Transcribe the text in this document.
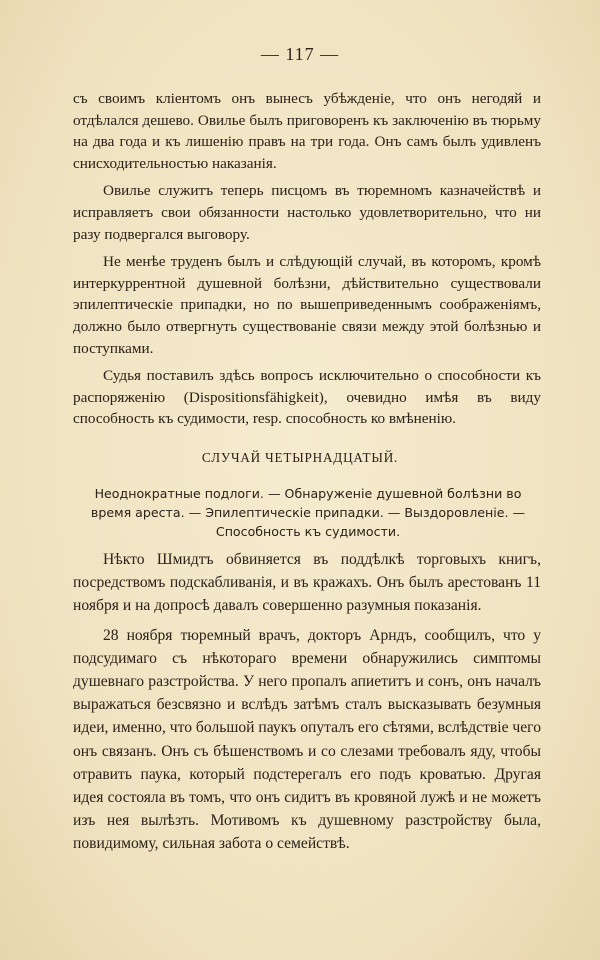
— 117 —

съ своимъ кліентомъ онъ вынесъ убѣжденіе, что онъ негодяй и отдѣлался дешево. Овилье былъ приговоренъ къ заключенію въ тюрьму на два года и къ лишенію правъ на три года. Онъ самъ былъ удивленъ снисходительностью наказанія.

Овилье служитъ теперь писцомъ въ тюремномъ казначействѣ и исправляетъ свои обязанности настолько удовлетворительно, что ни разу подвергался выговору.

Не менѣе труденъ былъ и слѣдующій случай, въ которомъ, кромѣ интеркуррентной душевной болѣзни, дѣйствительно существовали эпилептическіе припадки, но по вышеприведеннымъ соображеніямъ, должно было отвергнуть существованіе связи между этой болѣзнью и поступками.

Судья поставилъ здѣсь вопросъ исключительно о способности къ распоряженію (Dispositionsfähigkeit), очевидно имѣя въ виду способность къ судимости, resp. способность ко вмѣненію.

СЛУЧАЙ ЧЕТЫРНАДЦАТЫЙ.
Неоднократные подлоги. — Обнаруженіе душевной болѣзни во время ареста. — Эпилептическіе припадки. — Выздоровленіе. — Способность къ судимости.

Нѣкто Шмидтъ обвиняется въ поддѣлкѣ торговыхъ книгъ, посредствомъ подскабливанія, и въ кражахъ. Онъ былъ арестованъ 11 ноября и на допросѣ давалъ совершенно разумныя показанія.

28 ноября тюремный врачъ, докторъ Арндъ, сообщилъ, что у подсудимаго съ нѣкотораго времени обнаружились симптомы душевнаго разстройства. У него пропалъ апиетитъ и сонъ, онъ началъ выражаться безсвязно и вслѣдъ затѣмъ сталъ высказывать безумныя идеи, именно, что большой паукъ опуталъ его сѣтями, вслѣдствіе чего онъ связанъ. Онъ съ бѣшенствомъ и со слезами требовалъ яду, чтобы отравить паука, который подстерегалъ его подъ кроватью. Другая идея состояла въ томъ, что онъ сидитъ въ кровяной лужѣ и не можетъ изъ нея вылѣзть. Мотивомъ къ душевному разстройству была, повидимому, сильная забота о семействѣ.
